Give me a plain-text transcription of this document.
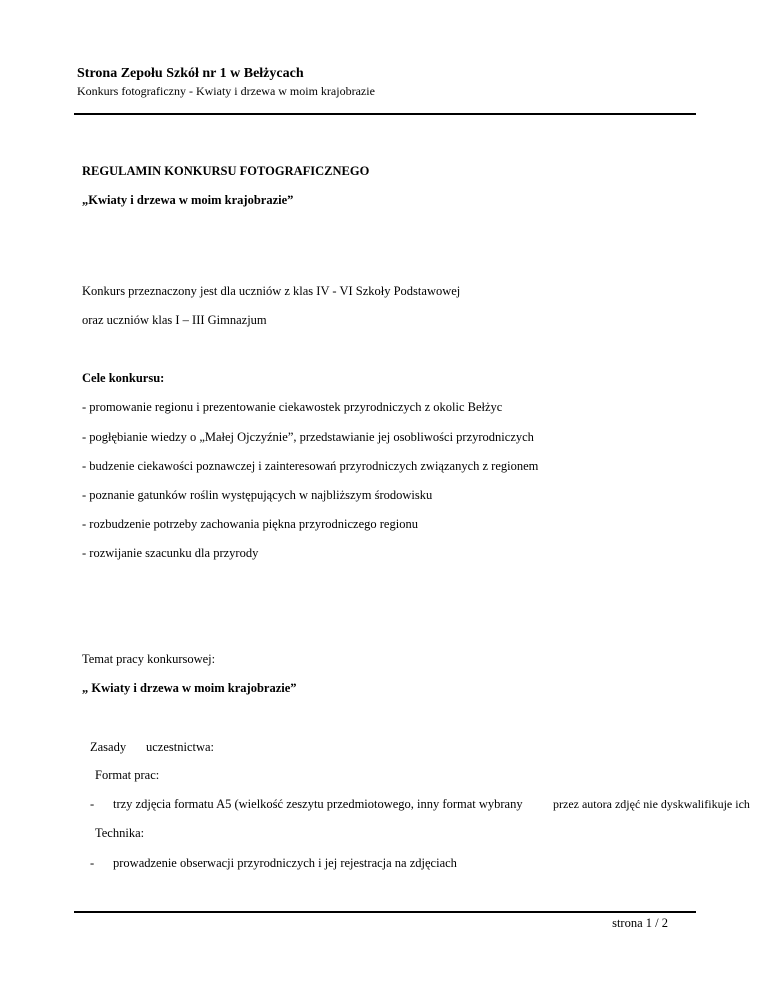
Strona Zepołu Szkół nr 1 w Bełżycach
Konkurs fotograficzny - Kwiaty i drzewa w moim krajobrazie
REGULAMIN KONKURSU FOTOGRAFICZNEGO
„Kwiaty i drzewa w moim krajobrazie”
Konkurs przeznaczony jest dla uczniów z klas IV - VI Szkoły Podstawowej
oraz uczniów klas I – III Gimnazjum
Cele konkursu:
- promowanie regionu i prezentowanie ciekawostek przyrodniczych z okolic Bełżyc
- pogłębianie wiedzy o „Małej Ojczyźnie”, przedstawianie jej osobliwości przyrodniczych
- budzenie ciekawości poznawczej i zainteresowań przyrodniczych związanych z regionem
- poznanie gatunków roślin występujących w najbliższym środowisku
- rozbudzenie potrzeby zachowania piękna przyrodniczego regionu
- rozwijanie szacunku dla przyrody
Temat pracy konkursowej:
„ Kwiaty i drzewa w moim krajobrazie”
Zasady uczestnictwa:
Format prac:
- trzy zdjęcia formatu A5 (wielkość zeszytu przedmiotowego, inny format wybrany	przez autora zdjęć nie dyskwalifikuje ich
Technika:
- prowadzenie obserwacji przyrodniczych i jej rejestracja na zdjęciach
strona 1 / 2
